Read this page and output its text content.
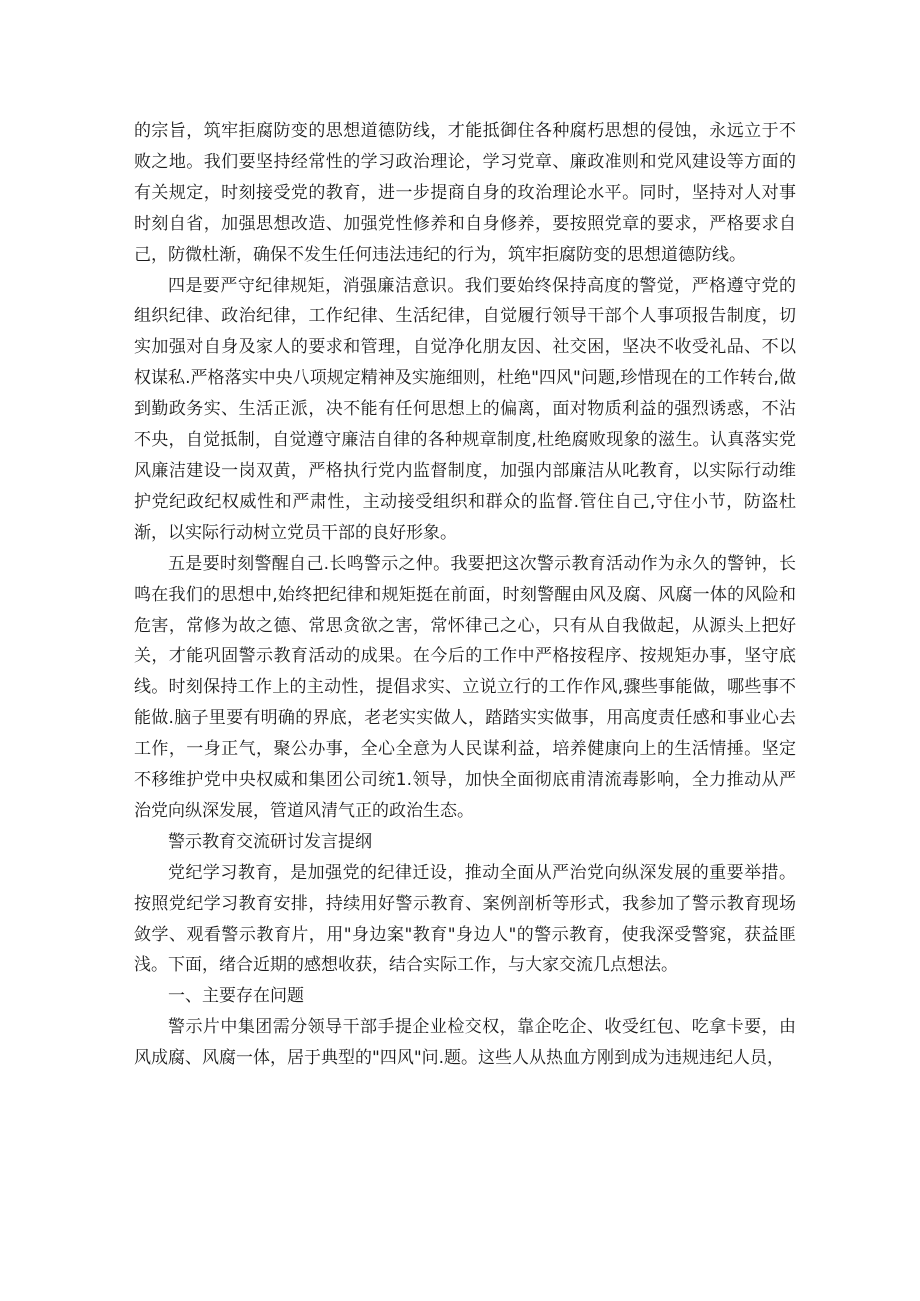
的宗旨，筑牢拒腐防变的思想道德防线，才能抵御住各种腐朽思想的侵蚀，永远立于不败之地。我们要坚持经常性的学习政治理论，学习党章、廉政准则和党风建设等方面的有关规定，时刻接受党的教育，进一步提商自身的玫治理论水平。同时，坚持对人对事时刻自省，加强思想改造、加强党性修养和自身修养，要按照党章的要求，严格要求自己，防微杜渐，确保不发生任何违法违纪的行为，筑牢拒腐防变的思想道德防线。

四是要严守纪律规矩，消强廉洁意识。我们要始终保持高度的警觉，严格遵守党的组织纪律、政治纪律，工作纪律、生活纪律，自觉履行领导干部个人事项报告制度，切实加强对自身及家人的要求和管理，自觉净化朋友因、社交困，坚决不收受礼品、不以权谋私.严格落实中央八项规定精神及实施细则，杜绝"四风"问题,珍惜现在的工作转台,做到勤政务实、生活正派，决不能有任何思想上的偏离，面对物质利益的强烈诱惑，不沾不央，自觉抵制，自觉遵守廉洁自律的各种规章制度,杜绝腐败现象的滋生。认真落实党风廉洁建设一岗双黄，严格执行党内监督制度，加强内部廉洁从叱教育，以实际行动维护党纪政纪权威性和严肃性，主动接受组织和群众的监督.管住自己,守住小节，防盗杜渐，以实际行动树立党员干部的良好形象。

五是要时刻警醒自己.长鸣警示之仲。我要把这次警示教育活动作为永久的警钟，长鸣在我们的思想中,始终把纪律和规矩挺在前面，时刻警醒由风及腐、风腐一体的风险和危害，常修为故之德、常思贪欲之害，常怀律己之心，只有从自我做起，从源头上把好关，才能巩固警示教育活动的成果。在今后的工作中严格按程序、按规矩办事，坚守底线。时刻保持工作上的主动性，提倡求实、立说立行的工作作风,骤些事能做，哪些事不能做.脑子里要有明确的界底，老老实实做人，踏踏实实做事，用高度责任感和事业心去工作，一身正气，聚公办事，全心全意为人民谋利益，培养健康向上的生活情捶。坚定不移维护党中央权威和集团公司统1.领导，加快全面彻底甫清流毒影响，全力推动从严治党向纵深发展，管道风清气正的政治生态。

警示教育交流研讨发言提纲

党纪学习教育，是加强党的纪律迁设，推动全面从严治党向纵深发展的重要举措。按照党纪学习教育安排，持续用好警示教育、案例剖析等形式，我参加了警示教育现场敛学、观看警示教育片，用"身边案"教育"身边人"的警示教育，使我深受警窕，获益匪浅。下面，绪合近期的感想收获，结合实际工作，与大家交流几点想法。

一、主要存在问题

警示片中集团需分领导干部手提企业检交权，靠企吃企、收受红包、吃拿卡要，由风成腐、风腐一体，居于典型的"四风"问.题。这些人从热血方刚到成为违规违纪人员，
